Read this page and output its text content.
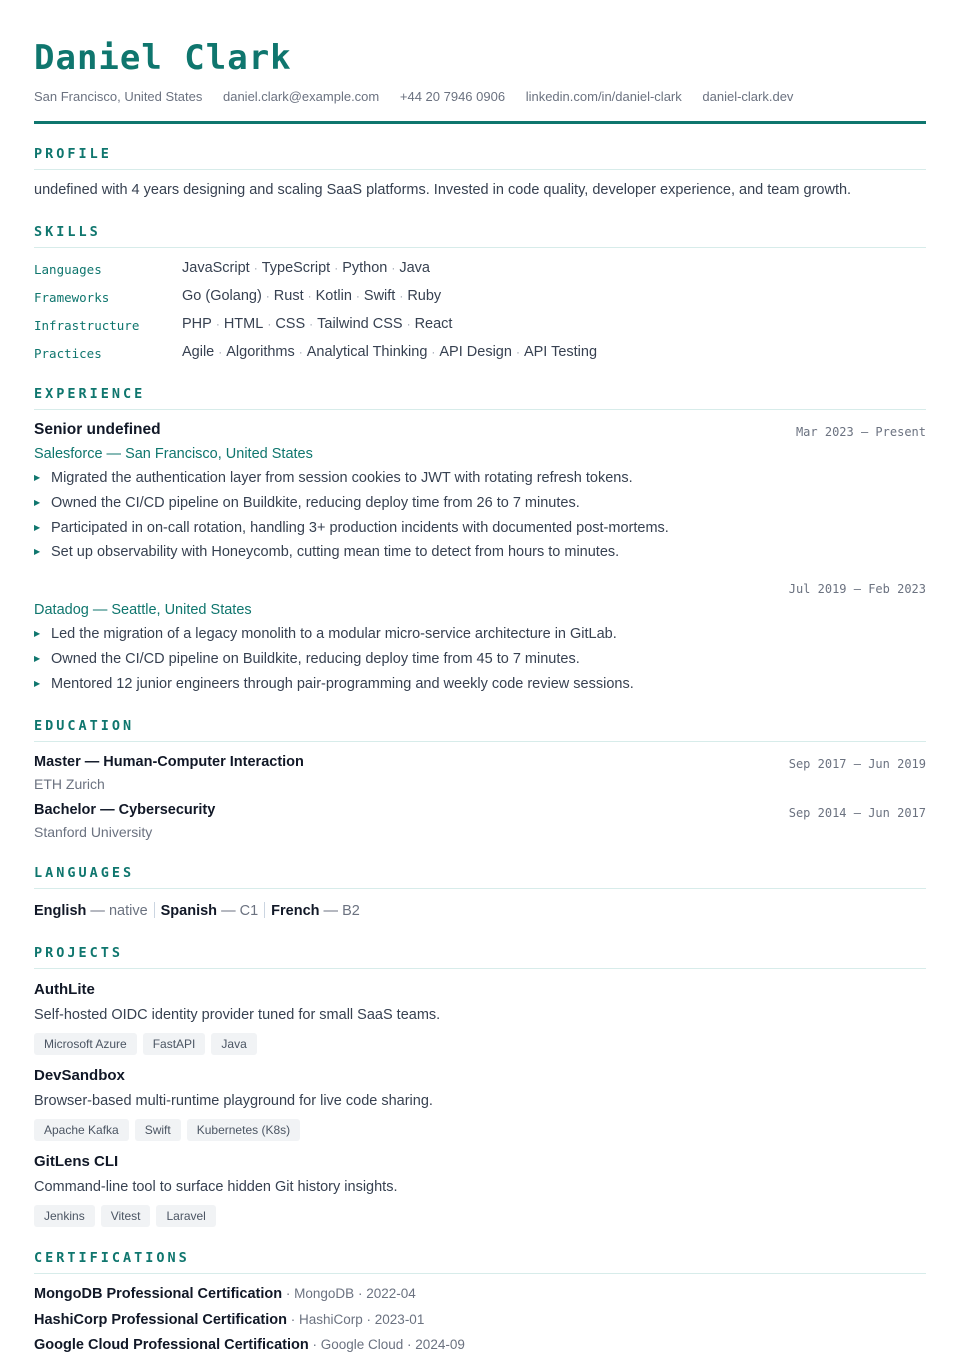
Daniel Clark
San Francisco, United States daniel.clark@example.com +44 20 7946 0906 linkedin.com/in/daniel-clark daniel-clark.dev
PROFILE
undefined with 4 years designing and scaling SaaS platforms. Invested in code quality, developer experience, and team growth.
SKILLS
Languages	JavaScript · TypeScript · Python · Java
Frameworks	Go (Golang) · Rust · Kotlin · Swift · Ruby
Infrastructure	PHP · HTML · CSS · Tailwind CSS · React
Practices	Agile · Algorithms · Analytical Thinking · API Design · API Testing
EXPERIENCE
Senior undefined	Mar 2023 — Present
Salesforce — San Francisco, United States
▶ Migrated the authentication layer from session cookies to JWT with rotating refresh tokens.
▶ Owned the CI/CD pipeline on Buildkite, reducing deploy time from 26 to 7 minutes.
▶ Participated in on-call rotation, handling 3+ production incidents with documented post-mortems.
▶ Set up observability with Honeycomb, cutting mean time to detect from hours to minutes.
Jul 2019 — Feb 2023
Datadog — Seattle, United States
▶ Led the migration of a legacy monolith to a modular micro-service architecture in GitLab.
▶ Owned the CI/CD pipeline on Buildkite, reducing deploy time from 45 to 7 minutes.
▶ Mentored 12 junior engineers through pair-programming and weekly code review sessions.
EDUCATION
Master — Human-Computer Interaction	Sep 2017 — Jun 2019
ETH Zurich
Bachelor — Cybersecurity	Sep 2014 — Jun 2017
Stanford University
LANGUAGES
English — native Spanish — C1 French — B2
PROJECTS
AuthLite
Self-hosted OIDC identity provider tuned for small SaaS teams.
Microsoft Azure FastAPI Java
DevSandbox
Browser-based multi-runtime playground for live code sharing.
Apache Kafka Swift Kubernetes (K8s)
GitLens CLI
Command-line tool to surface hidden Git history insights.
Jenkins Vitest Laravel
CERTIFICATIONS
MongoDB Professional Certification · MongoDB · 2022-04
HashiCorp Professional Certification · HashiCorp · 2023-01
Google Cloud Professional Certification · Google Cloud · 2024-09
